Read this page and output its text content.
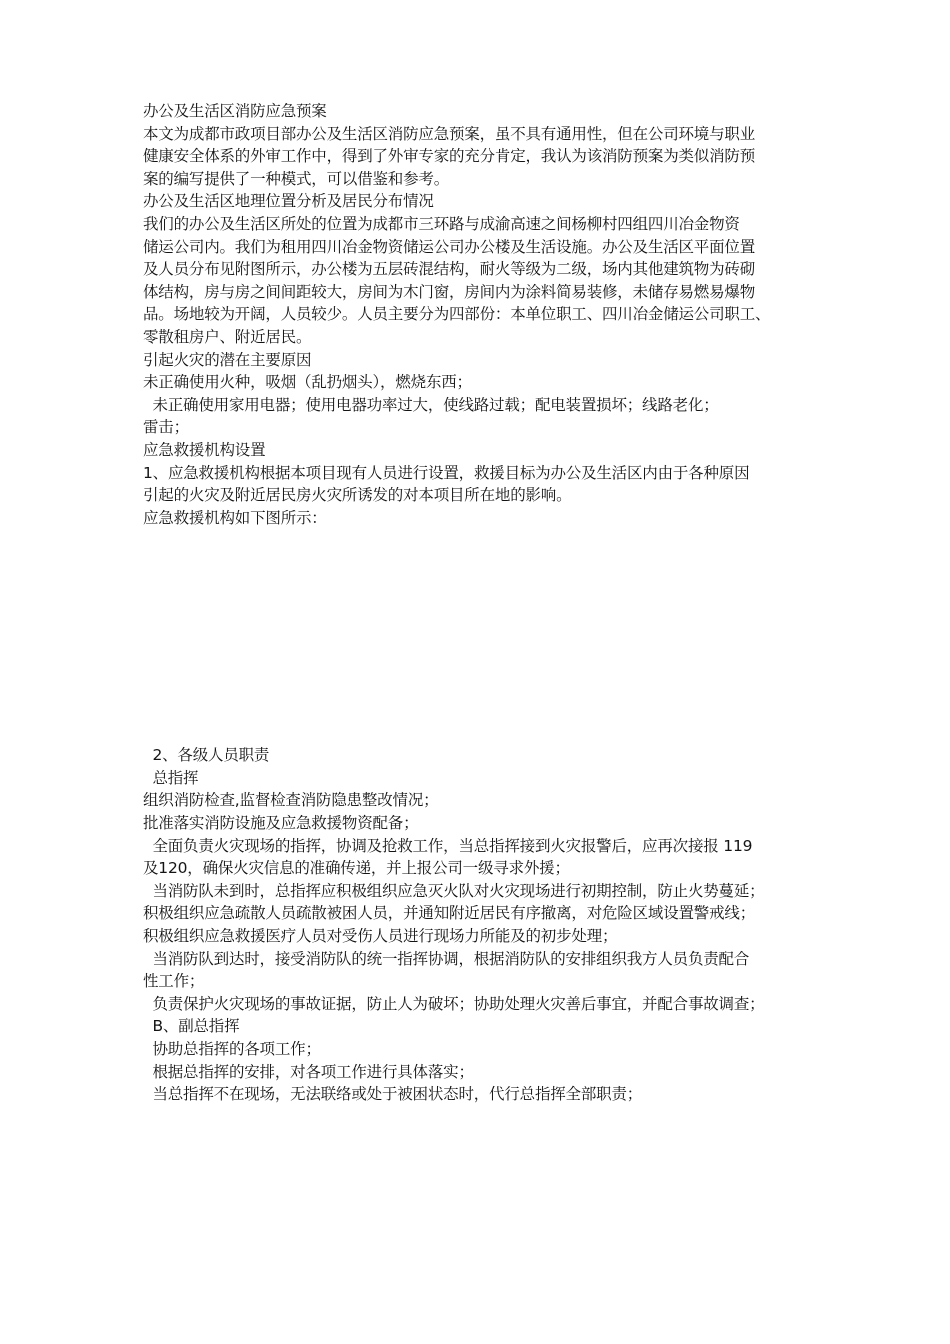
办公及生活区消防应急预案
本文为成都市政项目部办公及生活区消防应急预案，虽不具有通用性，但在公司环境与职业
健康安全体系的外审工作中，得到了外审专家的充分肯定，我认为该消防预案为类似消防预
案的编写提供了一种模式，可以借鉴和参考。
办公及生活区地理位置分析及居民分布情况
我们的办公及生活区所处的位置为成都市三环路与成渝高速之间杨柳村四组四川冶金物资
储运公司内。我们为租用四川冶金物资储运公司办公楼及生活设施。办公及生活区平面位置
及人员分布见附图所示，办公楼为五层砖混结构，耐火等级为二级，场内其他建筑物为砖砌
体结构，房与房之间间距较大，房间为木门窗，房间内为涂料简易装修，未储存易燃易爆物
品。场地较为开阔，人员较少。人员主要分为四部份：本单位职工、四川冶金储运公司职工、
零散租房户、附近居民。
引起火灾的潜在主要原因
未正确使用火种，吸烟（乱扔烟头），燃烧东西；
未正确使用家用电器；使用电器功率过大，使线路过载；配电装置损坏；线路老化；
雷击；
应急救援机构设置
1、应急救援机构根据本项目现有人员进行设置，救援目标为办公及生活区内由于各种原因
引起的火灾及附近居民房火灾所诱发的对本项目所在地的影响。
应急救援机构如下图所示：
2、各级人员职责
总指挥
组织消防检查,监督检查消防隐患整改情况；
批准落实消防设施及应急救援物资配备；
全面负责火灾现场的指挥，协调及抢救工作，当总指挥接到火灾报警后，应再次接报 119
及120，确保火灾信息的准确传递，并上报公司一级寻求外援；
当消防队未到时，总指挥应积极组织应急灭火队对火灾现场进行初期控制，防止火势蔓延；
积极组织应急疏散人员疏散被困人员，并通知附近居民有序撤离，对危险区域设置警戒线；
积极组织应急救援医疗人员对受伤人员进行现场力所能及的初步处理；
当消防队到达时，接受消防队的统一指挥协调，根据消防队的安排组织我方人员负责配合
性工作；
负责保护火灾现场的事故证据，防止人为破坏；协助处理火灾善后事宜，并配合事故调查；
B、副总指挥
协助总指挥的各项工作；
根据总指挥的安排，对各项工作进行具体落实；
当总指挥不在现场，无法联络或处于被困状态时，代行总指挥全部职责；
